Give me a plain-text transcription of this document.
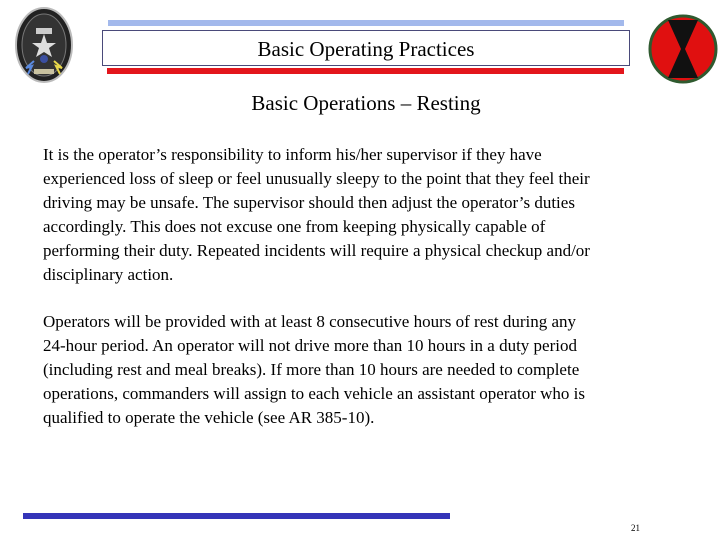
Basic Operating Practices
Basic Operations – Resting
It is the operator’s responsibility to inform his/her supervisor if they have
experienced loss of sleep or feel unusually sleepy to the point that they feel their
driving may be unsafe. The supervisor should then adjust the operator’s duties
accordingly. This does not excuse one from keeping physically capable of
performing their duty. Repeated incidents will require a physical checkup and/or
disciplinary action.
Operators will be provided with at least 8 consecutive hours of rest during any
24-hour period. An operator will not drive more than 10 hours in a duty period
(including rest and meal breaks). If more than 10 hours are needed to complete
operations, commanders will assign to each vehicle an assistant operator who is
qualified to operate the vehicle (see AR 385-10).
21
